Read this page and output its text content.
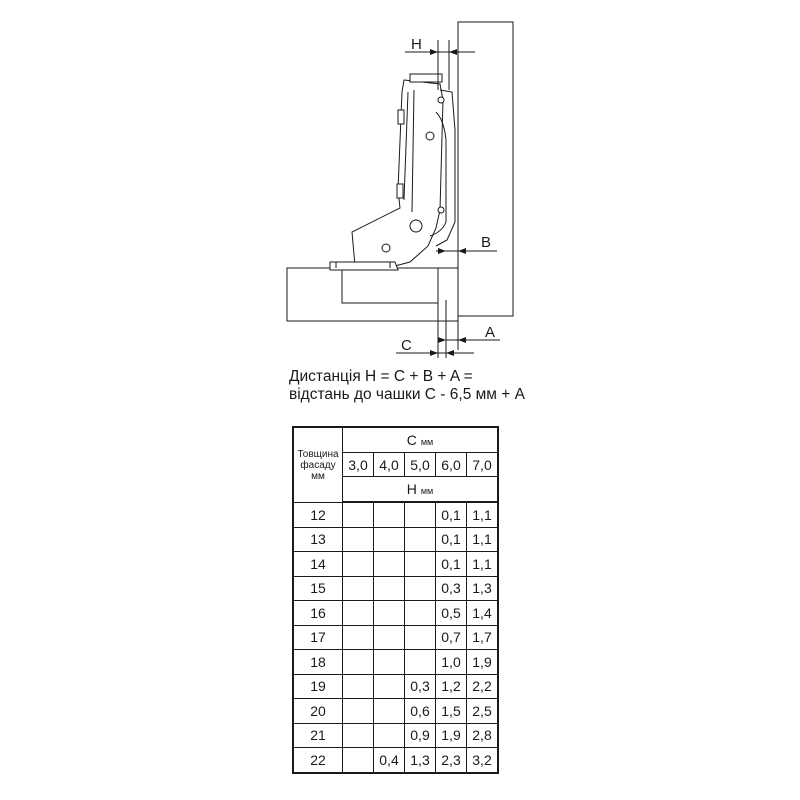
H
B
C
A
Дистанція H = C + B + A =
відстань до чашки C - 6,5 мм + A
Товщина фасаду мм	C мм				
	3,0	4,0	5,0	6,0	7,0
	H мм				
12				0,1	1,1
13				0,1	1,1
14				0,1	1,1
15				0,3	1,3
16				0,5	1,4
17				0,7	1,7
18				1,0	1,9
19			0,3	1,2	2,2
20			0,6	1,5	2,5
21			0,9	1,9	2,8
22		0,4	1,3	2,3	3,2
